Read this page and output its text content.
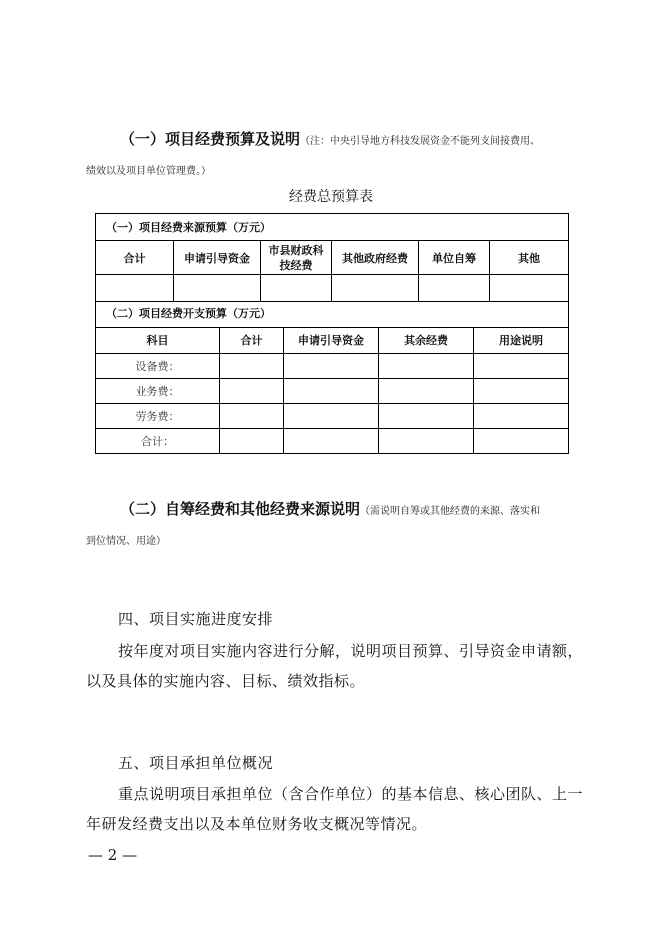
（一）项目经费预算及说明（注：中央引导地方科技发展资金不能列支间接费用、
绩效以及项目单位管理费。）
经费总预算表
（一）项目经费来源预算（万元）					
合计	申请引导资金	市县财政科技经费	其他政府经费	单位自筹	其他

（二）项目经费开支预算（万元）				
科目	合计	申请引导资金	其余经费	用途说明
设备费：				
业务费：				
劳务费：				
合计：				
（二）自筹经费和其他经费来源说明（需说明自筹或其他经费的来源、落实和
到位情况、用途）
四、项目实施进度安排
按年度对项目实施内容进行分解，说明项目预算、引导资金申请额，
以及具体的实施内容、目标、绩效指标。
五、项目承担单位概况
重点说明项目承担单位（含合作单位）的基本信息、核心团队、上一
年研发经费支出以及本单位财务收支概况等情况。
— 2 —
